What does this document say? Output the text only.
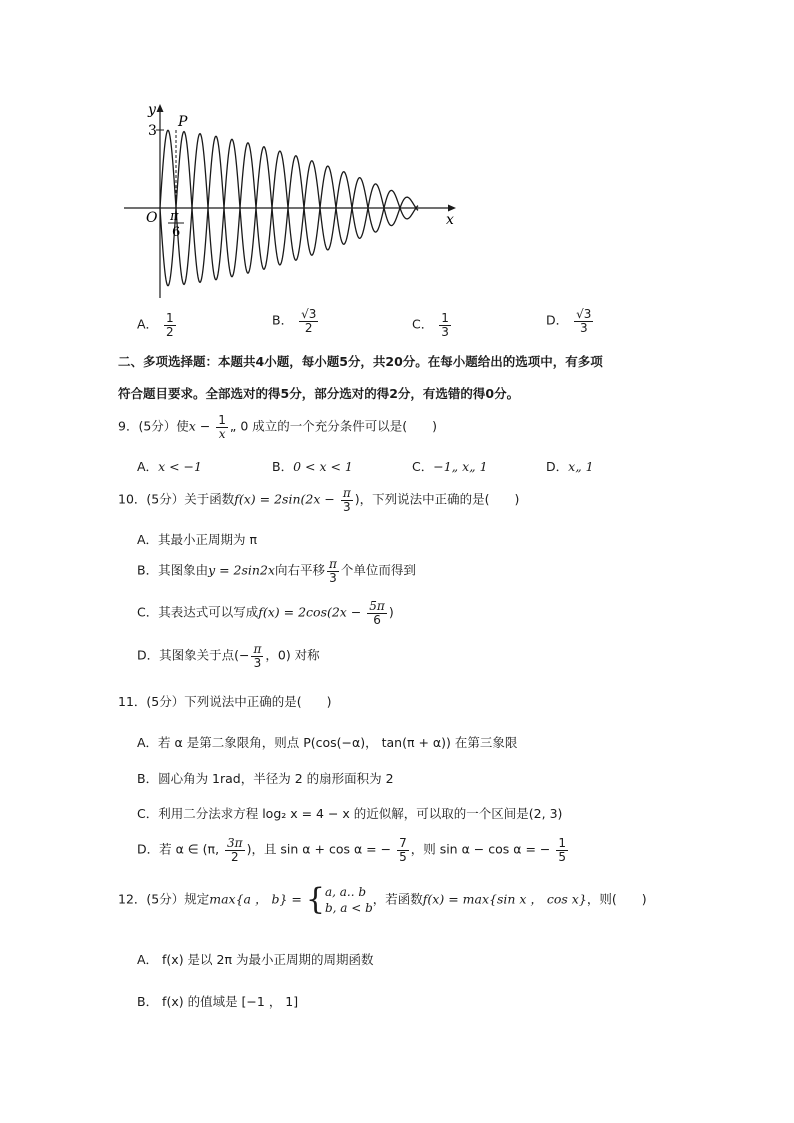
y
x
O
P
3
π
6
A． $\frac{1}{2}$	B． $\frac{√3}{2}$	C． $\frac{1}{3}$	D． $\frac{√3}{3}$
二、多项选择题：本题共4小题，每小题5分，共20分。在每小题给出的选项中，有多项
符合题目要求。全部选对的得5分，部分选对的得2分，有选错的得0分。
9．(5分）使$x - \frac{1}{x}$ „ 0 成立的一个充分条件可以是(　　)
A．x < −1	B．0 < x < 1	C．−1„ x„ 1	D．x„ 1
10．(5分）关于函数$f(x) = 2\sin(2x - \frac{\pi}{3}$ )，下列说法中正确的是(　　)
A．其最小正周期为 π
B．其图象由y = 2sin2x向右平移 $\frac{\pi}{3}$ 个单位而得到
C．其表达式可以写成$f(x) = 2\cos(2x - \frac{5\pi}{6}$ )
D．其图象关于点(− $\frac{\pi}{3}$ ，0) 对称
11．(5分）下列说法中正确的是(　　)
A．若 α 是第二象限角，则点 P(cos(−α)， tan(π + α)) 在第三象限
B．圆心角为 1rad，半径为 2 的扇形面积为 2
C．利用二分法求方程 log₂ x = 4 − x 的近似解，可以取的一个区间是(2, 3)
D．若 α ∈ (π, $\frac{3\pi}{2}$ )，且 sin α + cos α = − $\frac{7}{5}$ ，则 sin α − cos α = − $\frac{1}{5}$
12．(5分）规定max{a ， b} = { a, a.. b
b, a < b
，若函数f(x) = max{sin x ， cos x}，则(　　)
A． f(x) 是以 2π 为最小正周期的周期函数
B． f(x) 的值域是 [−1 ， 1]
